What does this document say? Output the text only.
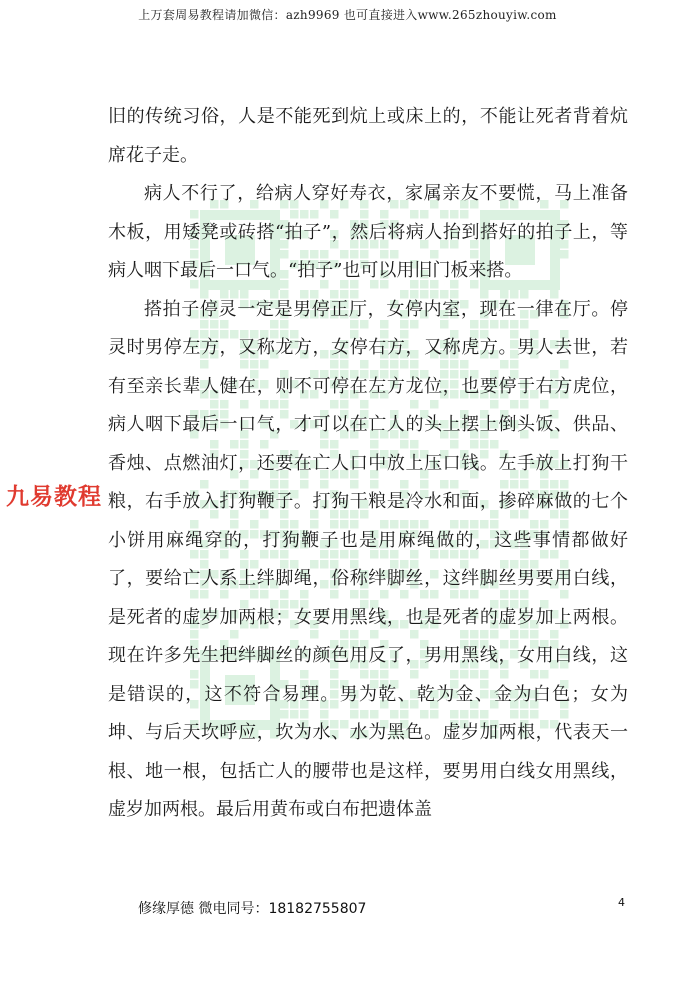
上万套周易教程请加微信：azh9969 也可直接进入www.265zhouyiw.com
九易教程

旧的传统习俗，人是不能死到炕上或床上的，不能让死者背着炕席花子走。

病人不行了，给病人穿好寿衣，家属亲友不要慌，马上准备木板，用矮凳或砖搭“拍子”，然后将病人抬到搭好的拍子上，等病人咽下最后一口气。“拍子”也可以用旧门板来搭。

搭拍子停灵一定是男停正厅，女停内室，现在一律在厅。停灵时男停左方，又称龙方，女停右方，又称虎方。男人去世，若有至亲长辈人健在，则不可停在左方龙位，也要停于右方虎位，病人咽下最后一口气，才可以在亡人的头上摆上倒头饭、供品、香烛、点燃油灯，还要在亡人口中放上压口钱。左手放上打狗干粮，右手放入打狗鞭子。打狗干粮是冷水和面，掺碎麻做的七个小饼用麻绳穿的，打狗鞭子也是用麻绳做的，这些事情都做好了，要给亡人系上绊脚绳，俗称绊脚丝，这绊脚丝男要用白线，是死者的虚岁加两根；女要用黑线，也是死者的虚岁加上两根。现在许多先生把绊脚丝的颜色用反了，男用黑线，女用白线，这是错误的，这不符合易理。男为乾、乾为金、金为白色；女为坤、与后天坎呼应，坎为水、水为黑色。虚岁加两根，代表天一根、地一根，包括亡人的腰带也是这样，要男用白线女用黑线，虚岁加两根。最后用黄布或白布把遗体盖

修缘厚德 微电同号：18182755807	4
